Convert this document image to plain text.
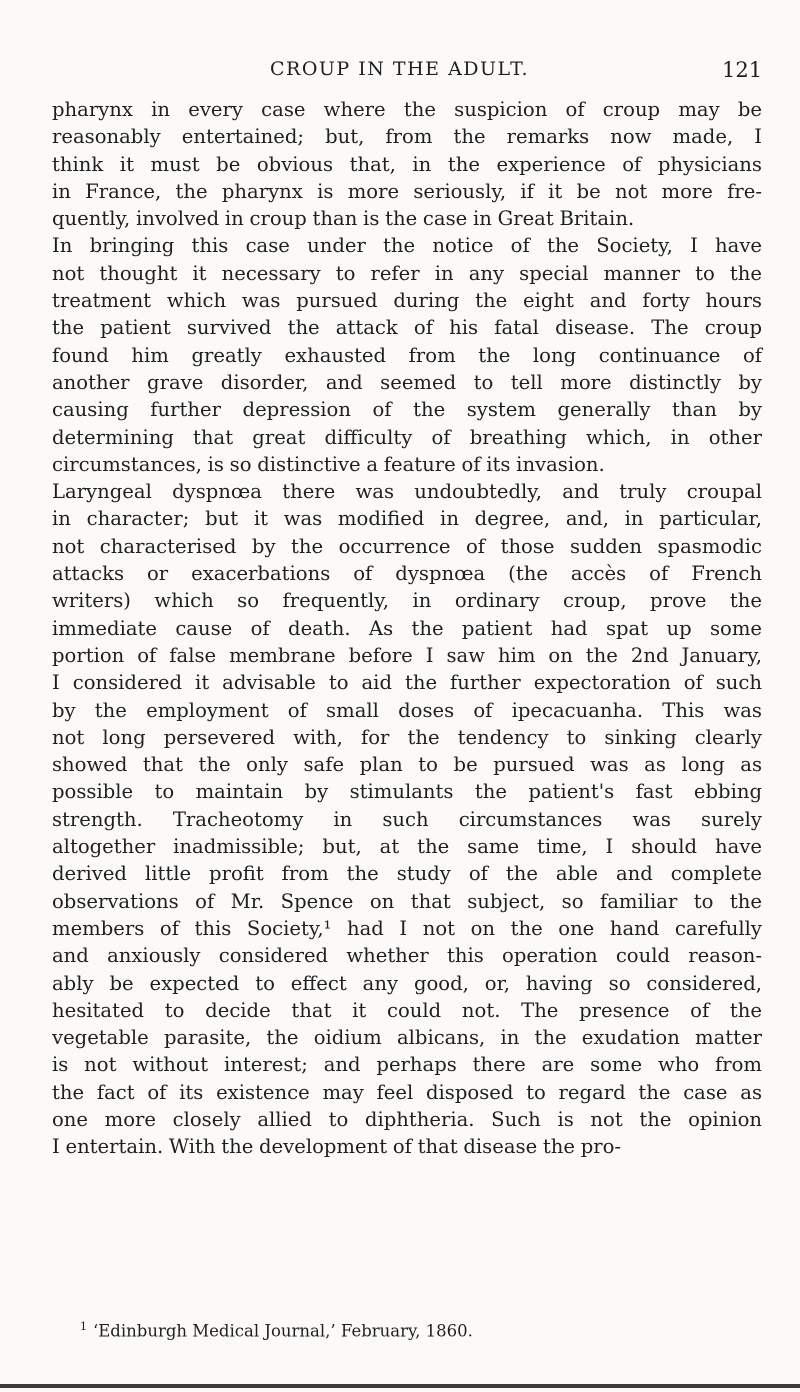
CROUP IN THE ADULT.	121
pharynx in every case where the suspicion of croup may be
reasonably entertained; but, from the remarks now made, I
think it must be obvious that, in the experience of physicians
in France, the pharynx is more seriously, if it be not more fre-
quently, involved in croup than is the case in Great Britain.
In bringing this case under the notice of the Society, I have
not thought it necessary to refer in any special manner to the
treatment which was pursued during the eight and forty hours
the patient survived the attack of his fatal disease. The croup
found him greatly exhausted from the long continuance of
another grave disorder, and seemed to tell more distinctly by
causing further depression of the system generally than by
determining that great difficulty of breathing which, in other
circumstances, is so distinctive a feature of its invasion.
Laryngeal dyspnœa there was undoubtedly, and truly croupal
in character; but it was modified in degree, and, in particular,
not characterised by the occurrence of those sudden spasmodic
attacks or exacerbations of dyspnœa (the accès of French
writers) which so frequently, in ordinary croup, prove the
immediate cause of death. As the patient had spat up some
portion of false membrane before I saw him on the 2nd January,
I considered it advisable to aid the further expectoration of such
by the employment of small doses of ipecacuanha. This was
not long persevered with, for the tendency to sinking clearly
showed that the only safe plan to be pursued was as long as
possible to maintain by stimulants the patient's fast ebbing
strength. Tracheotomy in such circumstances was surely
altogether inadmissible; but, at the same time, I should have
derived little profit from the study of the able and complete
observations of Mr. Spence on that subject, so familiar to the
members of this Society,¹ had I not on the one hand carefully
and anxiously considered whether this operation could reason-
ably be expected to effect any good, or, having so considered,
hesitated to decide that it could not. The presence of the
vegetable parasite, the oidium albicans, in the exudation matter
is not without interest; and perhaps there are some who from
the fact of its existence may feel disposed to regard the case as
one more closely allied to diphtheria. Such is not the opinion
I entertain. With the development of that disease the pro-
$^1$ ‘Edinburgh Medical Journal,’ February, 1860.
